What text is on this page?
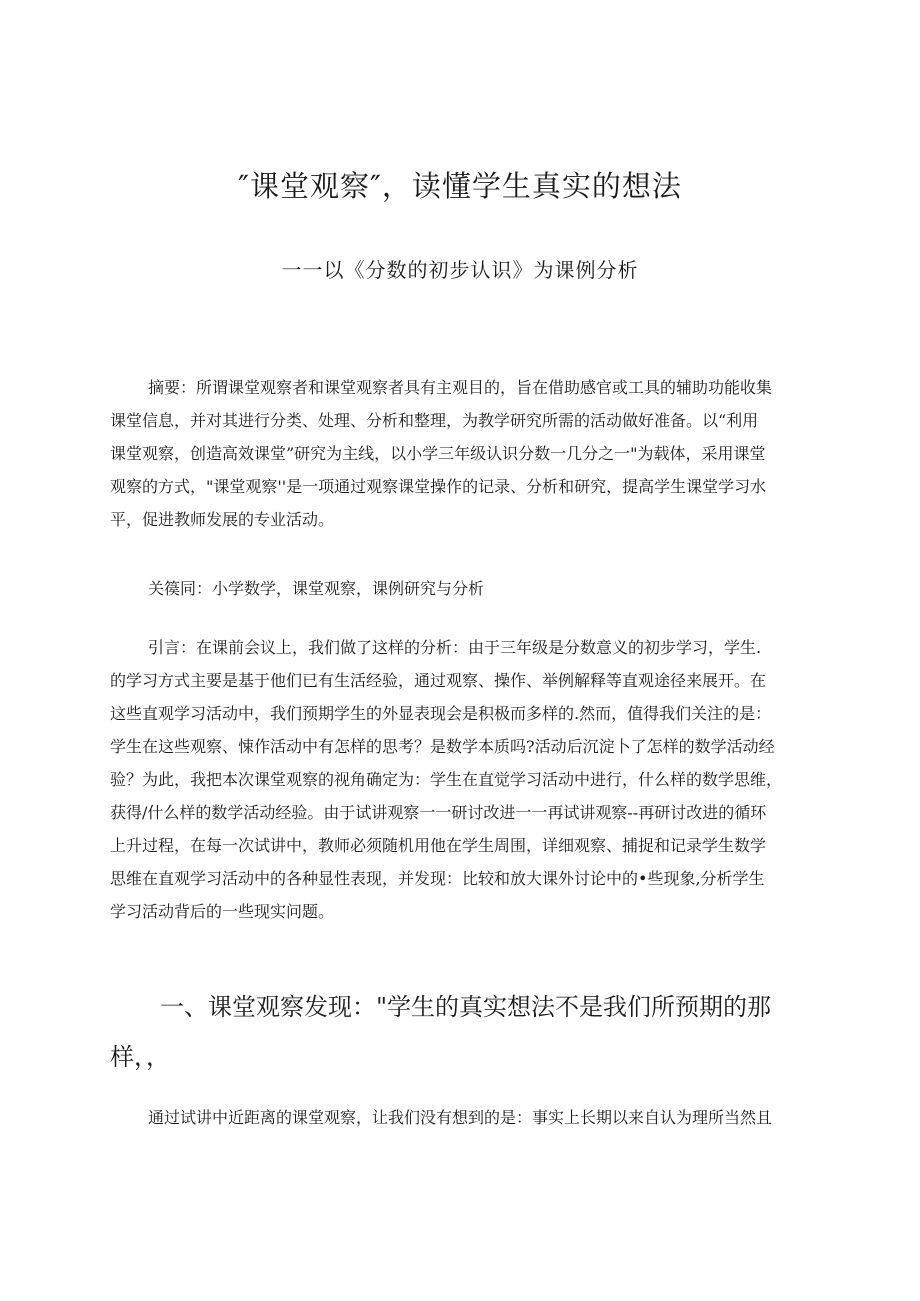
″课堂观察″，读懂学生真实的想法
一一以《分数的初步认识》为课例分析
摘要：所谓课堂观察者和课堂观察者具有主观目的，旨在借助感官或工具的辅助功能收集
课堂信息，并对其进行分类、处理、分析和整理，为教学研究所需的活动做好准备。以“利用
课堂观察，创造高效课堂”研究为主线，以小学三年级认识分数一几分之一"为载体，采用课堂
观察的方式，"课堂观察''是一项通过观察课堂操作的记录、分析和研究，提高学生课堂学习水
平，促进教师发展的专业活动。
关篌同：小学数学，课堂观察，课例研究与分析
引言：在课前会议上，我们做了这样的分析：由于三年级是分数意义的初步学习，学生.
的学习方式主要是基于他们已有生活经验，通过观察、操作、举例解释等直观途径来展开。在
这些直观学习活动中，我们预期学生的外显表现会是积极而多样的.然而，值得我们关注的是：
学生在这些观察、悚作活动中有怎样的思考？是数学本质吗?活动后沉淀卜了怎样的数学活动经
验？为此，我把本次课堂观察的视角确定为：学生在直觉学习活动中进行，什么样的数学思维，
获得/什么样的数学活动经验。由于试讲观察一一研讨改进一一再试讲观察--再研讨改进的循环
上升过程，在每一次试讲中，教师必须随机用他在学生周围，详细观察、捕捉和记录学生数学
思维在直观学习活动中的各种显性表现，并发现：比较和放大课外讨论中的•些现象,分析学生
学习活动背后的一些现实问题。
一、课堂观察发现："学生的真实想法不是我们所预期的那
样，，
通过试讲中近距离的课堂观察，让我们没有想到的是：事实上长期以来自认为理所当然且
